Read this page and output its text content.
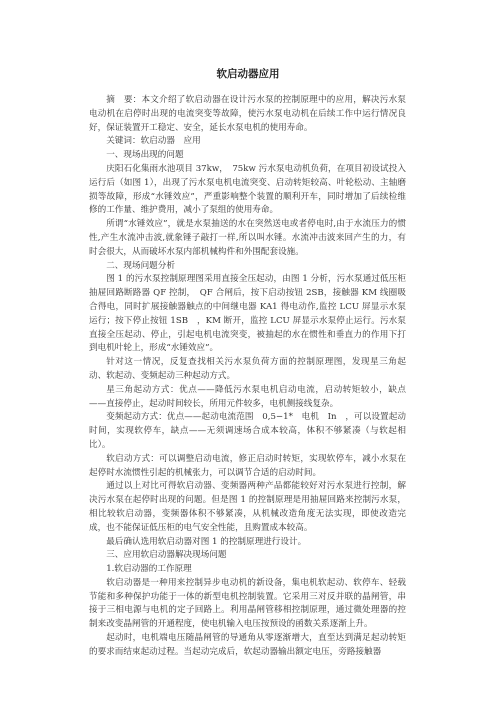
软启动器应用

摘　要：本文介绍了软启动器在设计污水泵的控制原理中的应用，解决污水泵电动机在启停时出现的电流突变等故障，使污水泵电动机在后续工作中运行情况良好，保证装置开工稳定、安全，延长水泵电机的使用寿命。

关键词：软启动器　应用

一、现场出现的问题

庆阳石化集雨水池项目 37kw，　75kw 污水泵电动机负荷，在项目初设试投入运行后（如图 1），出现了污水泵电机电流突变、启动转矩较高、叶轮松动、主轴磨损等故障，形成“水锤效应”，严重影响整个装置的顺利开车，同时增加了后续检维修的工作量、维护费用，减小了泵组的使用寿命。

所谓“水锤效应”，就是水泵抽送的水在突然送电或者停电时,由于水流压力的惯性,产生水流冲击波,就象锤子敲打一样,所以叫水锤。水流冲击波来回产生的力，有时会很大，从而破坏水泵内部机械构件和外围配套设施。

二、现场问题分析

图 1 的污水泵控制原理图采用直接全压起动，由图 1 分析，污水泵通过低压柜抽屉回路断路器 QF 控制，　QF 合闸后，按下启动按钮 2SB，接触器 KM 线圈吸合得电，同时扩展接触器触点的中间继电器 KA1 得电动作,监控 LCU 屏显示水泵运行；按下停止按钮 1SB　，KM 断开，监控 LCU 屏显示水泵停止运行。污水泵直接全压起动、停止，引起电机电流突变，被抽起的水在惯性和垂直力的作用下打到电机叶轮上，形成“水锤效应”。

针对这一情况，反复查找相关污水泵负荷方面的控制原理图，发现星三角起动、软起动、变频起动三种起动方式。

星三角起动方式：优点——降低污水泵电机启动电流，启动转矩较小，缺点——直接停止，起动时间较长，所用元件较多，电机侧接线复杂。

变频起动方式：优点——起动电流范围　0,5−1*　电机　In　，可以设置起动时间，实现软停车，缺点——无须调速场合成本较高，体积不够紧凑（与软起相比）。

软启动方式：可以调整启动电流，修正启动时转矩，实现软停车，减小水泵在起停时水流惯性引起的机械张力，可以调节合适的启动时间。

通过以上对比可得软启动器、变频器两种产品都能较好对污水泵进行控制，解决污水泵在起停时出现的问题。但是图 1 的控制原理是用抽屉回路来控制污水泵，相比较软启动器，变频器体积不够紧凑，从机械改造角度无法实现，即使改造完成，也不能保证低压柜的电气安全性能，且购置成本较高。

最后确认选用软启动器对图 1 的控制原理进行设计。

三、应用软启动器解决现场问题

1.软启动器的工作原理

软启动器是一种用来控制异步电动机的新设备，集电机软起动、软停车、轻载节能和多种保护功能于一体的新型电机控制装置。它采用三对反并联的晶闸管，串接于三相电源与电机的定子回路上。利用晶闸管移相控制原理，通过微处理器的控制来改变晶闸管的开通程度，使电机输入电压按预设的函数关系逐渐上升。

起动时，电机端电压随晶闸管的导通角从零逐渐增大，直至达到满足起动转矩的要求而结束起动过程。当起动完成后，软起动器输出额定电压，旁路接触器
